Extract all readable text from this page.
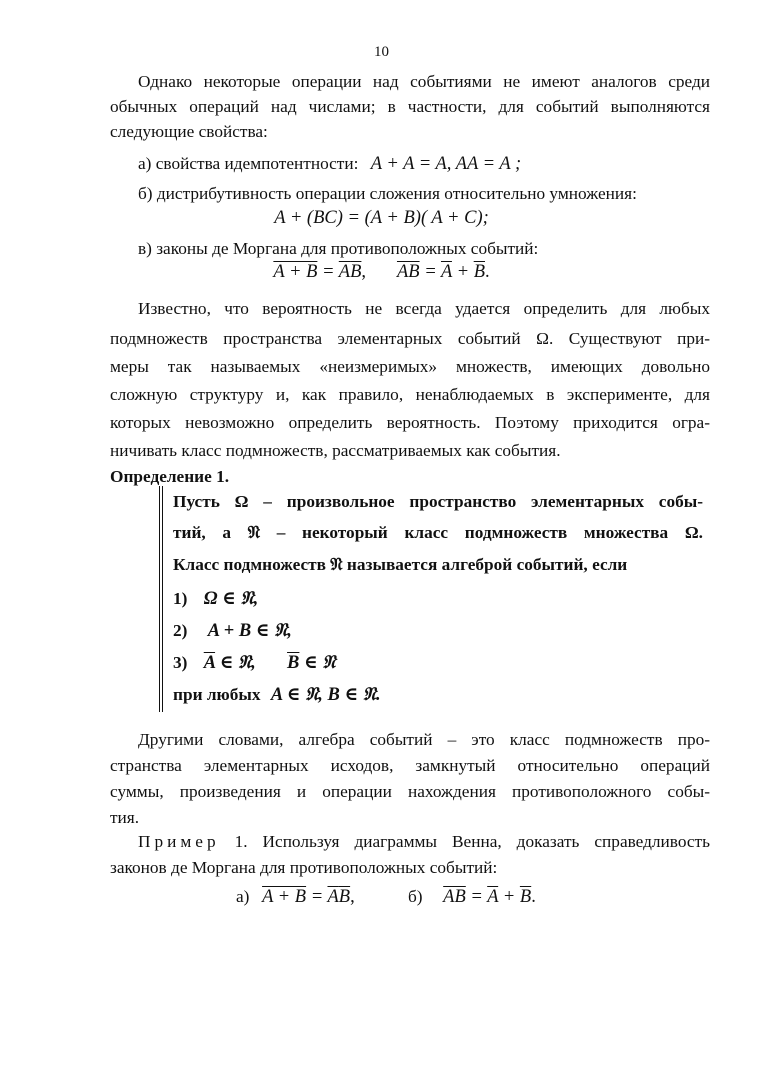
10
Однако некоторые операции над событиями не имеют аналогов среди
обычных операций над числами; в частности, для событий выполняются
следующие свойства:
а) свойства идемпотентности: A + A = A, AA = A ;
б) дистрибутивность операции сложения относительно умножения:
A + (BC) = (A + B)( A + C);
в) законы де Моргана для противоположных событий:
$A + B = \overline{A}\overline{B}$, $\overline{AB} = \overline{A} + \overline{B}$.
Известно, что вероятность не всегда удается определить для любых
подмножеств пространства элементарных событий Ω. Существуют при-
меры так называемых «неизмеримых» множеств, имеющих довольно
сложную структуру и, как правило, ненаблюдаемых в эксперименте, для
которых невозможно определить вероятность. Поэтому приходится огра-
ничивать класс подмножеств, рассматриваемых как события.
Определение 1.
Пусть Ω – произвольное пространство элементарных собы-
тий, а 𝔑 – некоторый класс подмножеств множества Ω.
Класс подмножеств 𝔑 называется алгеброй событий, если
1) Ω ∈ 𝔑,
2) A + B ∈ 𝔑,
3) $\overline{A}$ ∈ 𝔑, $\overline{B}$ ∈ 𝔑
при любых A ∈ 𝔑, B ∈ 𝔑.
Другими словами, алгебра событий – это класс подмножеств про-
странства элементарных исходов, замкнутый относительно операций
суммы, произведения и операции нахождения противоположного собы-
тия.
Пример 1. Используя диаграммы Венна, доказать справедливость
законов де Моргана для противоположных событий:
а) $A + B = \overline{A}\overline{B}$,	б) $\overline{AB} = \overline{A} + \overline{B}$.
